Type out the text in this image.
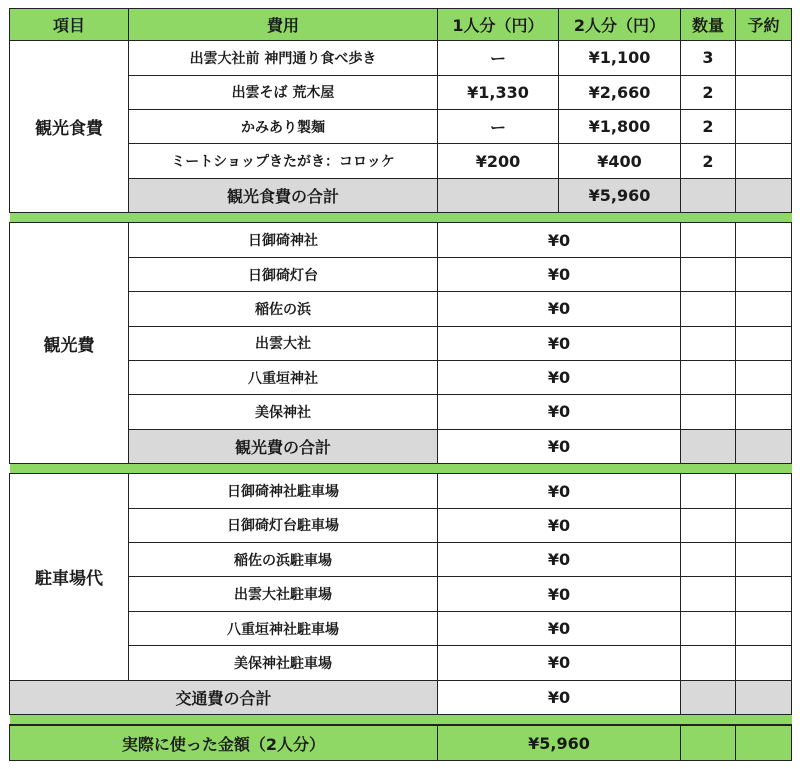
項目	費用	1人分（円）	2人分（円）	数量	予約
観光食費	出雲大社前 神門通り食べ歩き	ー	¥1,100	3	
	出雲そば 荒木屋	¥1,330	¥2,660	2	
	かみあり製麺	ー	¥1,800	2	
	ミートショップきたがき：コロッケ	¥200	¥400	2	
	観光食費の合計		¥5,960		

観光費	日御碕神社	¥0			
	日御碕灯台	¥0			
	稲佐の浜	¥0			
	出雲大社	¥0			
	八重垣神社	¥0			
	美保神社	¥0			
	観光費の合計	¥0			

駐車場代	日御碕神社駐車場	¥0			
	日御碕灯台駐車場	¥0			
	稲佐の浜駐車場	¥0			
	出雲大社駐車場	¥0			
	八重垣神社駐車場	¥0			
	美保神社駐車場	¥0			
交通費の合計		¥0			

実際に使った金額（2人分）		¥5,960			
